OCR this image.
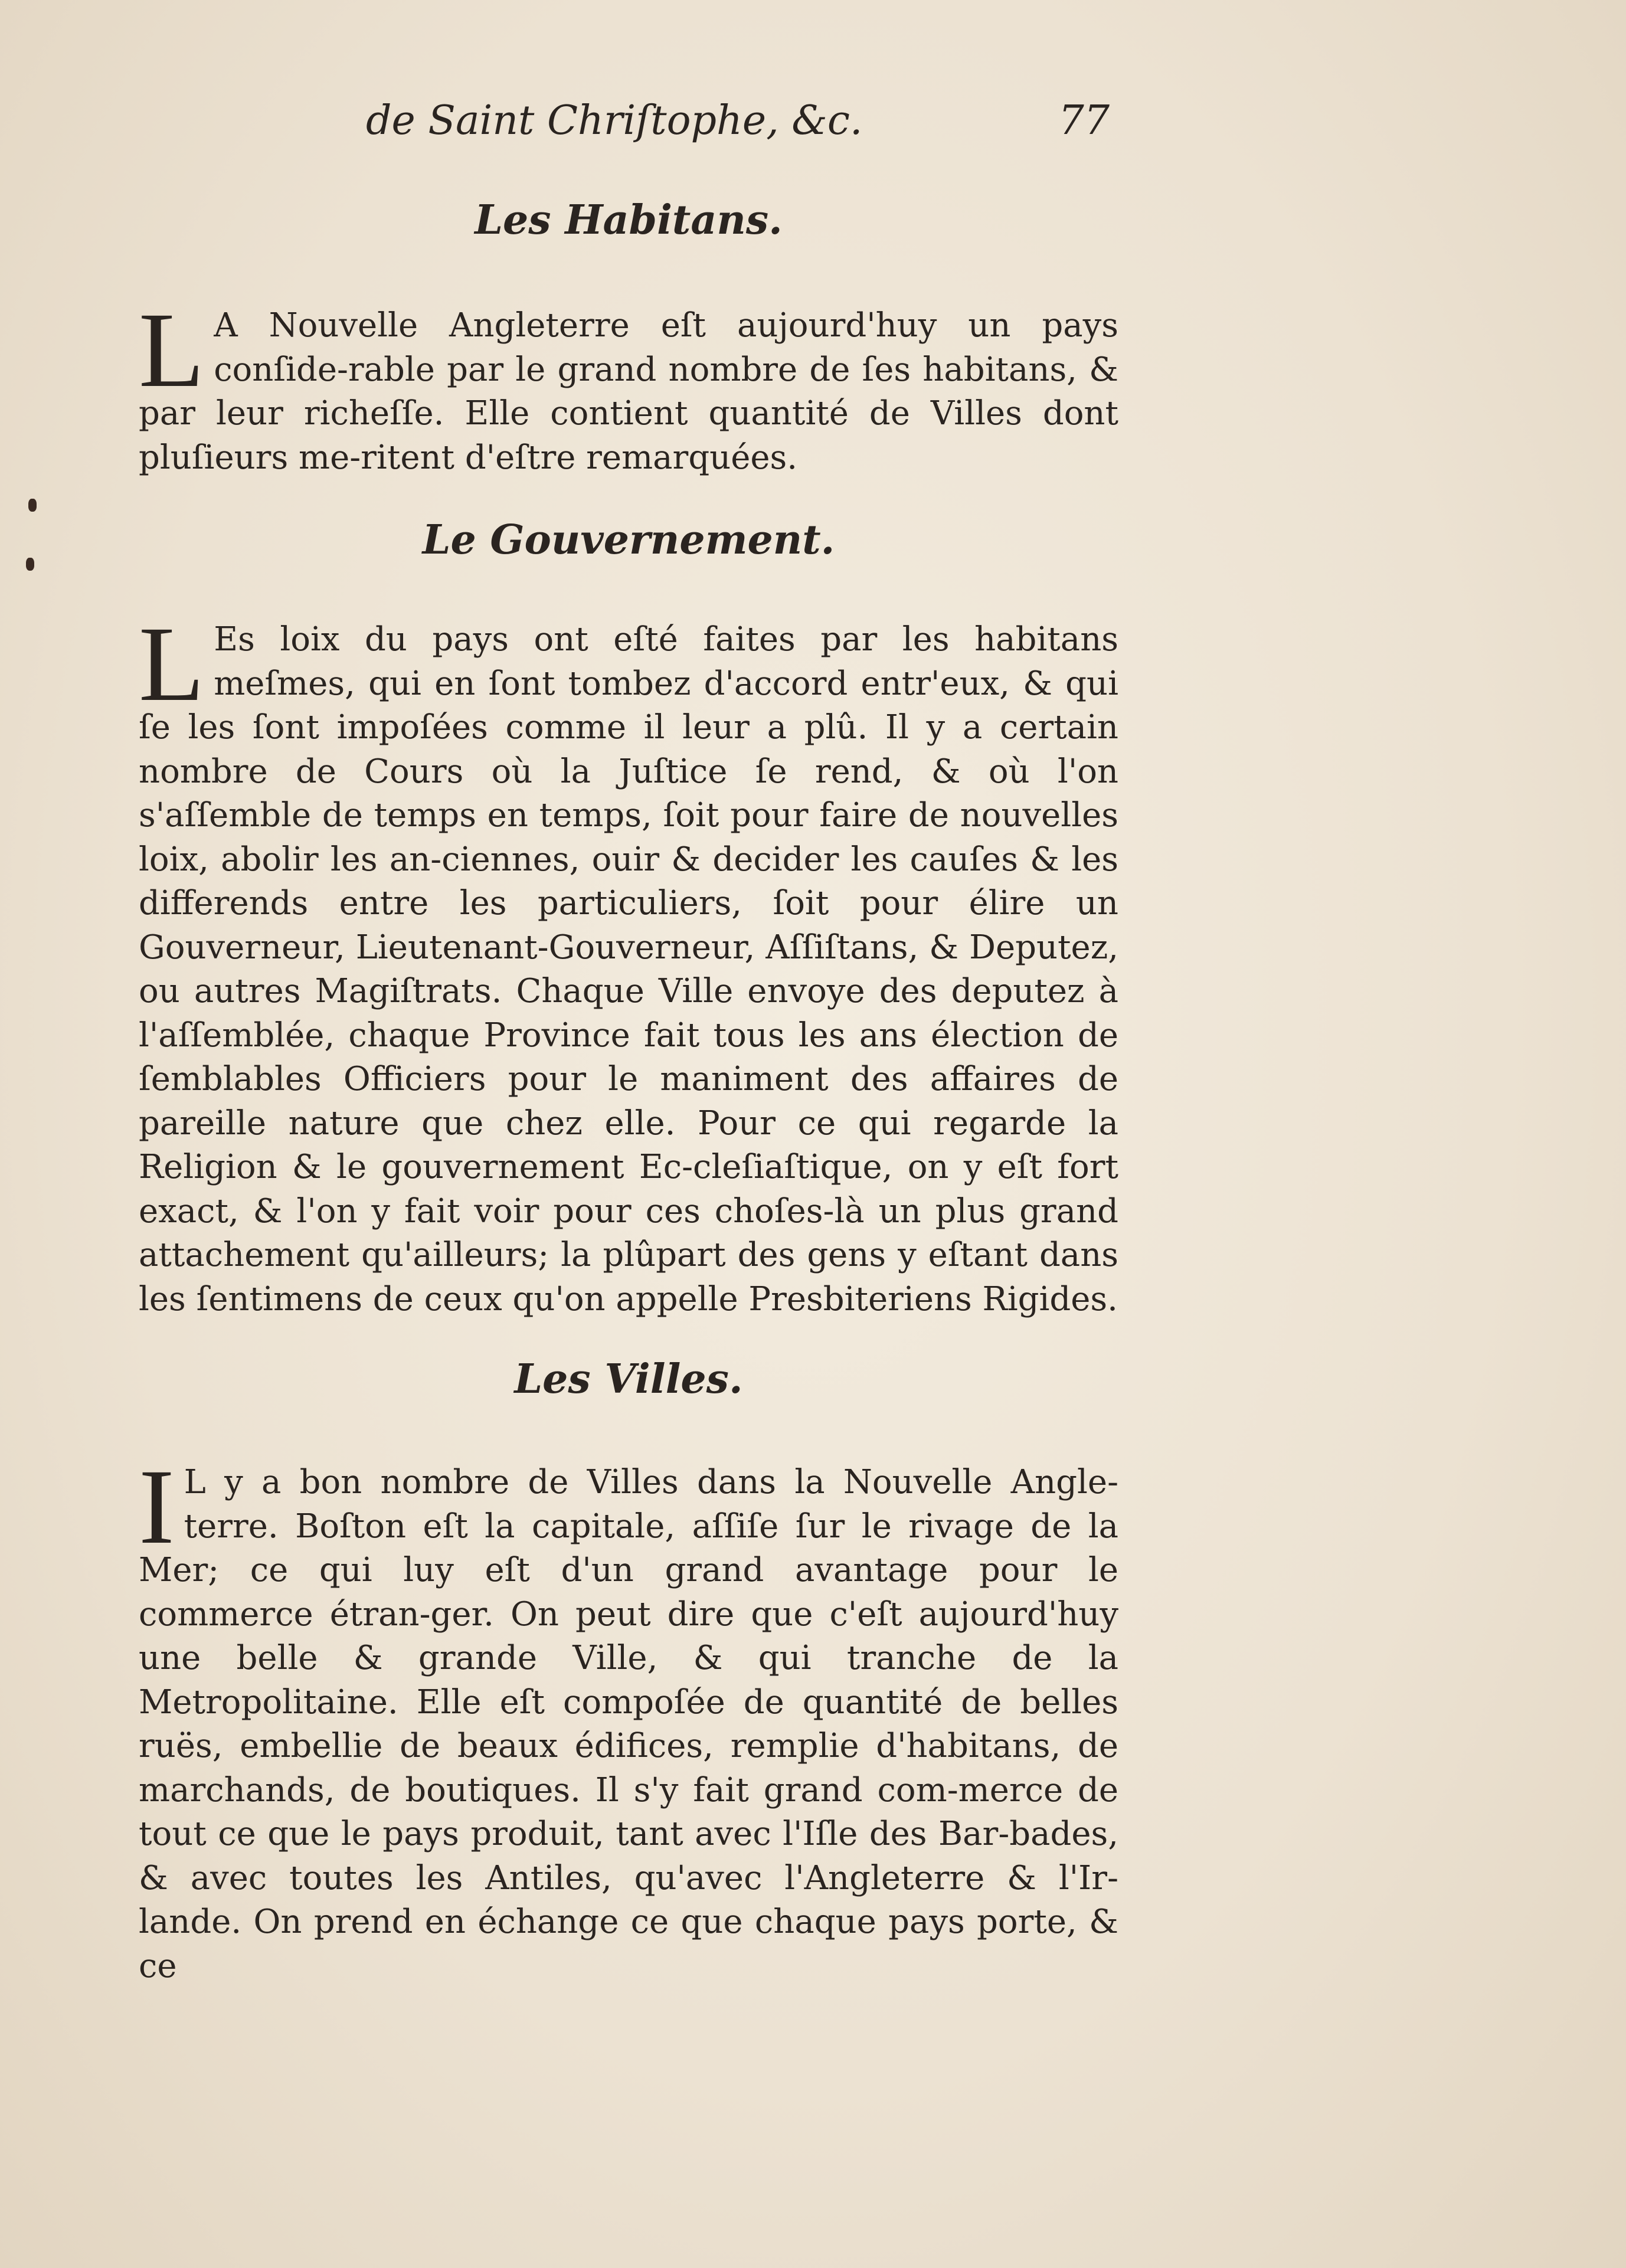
de Saint Chriſtophe, &c.	77
Les Habitans.

L A Nouvelle Angleterre eſt aujourd'huy un pays conſide-rable par le grand nombre de ſes habitans, & par leur richeſſe. Elle contient quantité de Villes dont pluſieurs me-ritent d'eſtre remarquées.

Le Gouvernement.

L Es loix du pays ont eſté faites par les habitans meſmes, qui en ſont tombez d'accord entr'eux, & qui ſe les ſont impoſées comme il leur a plû. Il y a certain nombre de Cours où la Juſtice ſe rend, & où l'on s'aſſemble de temps en temps, ſoit pour faire de nouvelles loix, abolir les an-ciennes, ouir & decider les cauſes & les differends entre les particuliers, ſoit pour élire un Gouverneur, Lieutenant-Gouverneur, Aſſiſtans, & Deputez, ou autres Magiſtrats. Chaque Ville envoye des deputez à l'aſſemblée, chaque Province fait tous les ans élection de ſemblables Officiers pour le maniment des affaires de pareille nature que chez elle. Pour ce qui regarde la Religion & le gouvernement Ec-cleſiaſtique, on y eſt fort exact, & l'on y fait voir pour ces choſes-là un plus grand attachement qu'ailleurs; la plûpart des gens y eſtant dans les ſentimens de ceux qu'on appelle Presbiteriens Rigides.

Les Villes.

I L y a bon nombre de Villes dans la Nouvelle Angle-terre. Boſton eſt la capitale, aſſiſe ſur le rivage de la Mer; ce qui luy eſt d'un grand avantage pour le commerce étran-ger. On peut dire que c'eſt aujourd'huy une belle & grande Ville, & qui tranche de la Metropolitaine. Elle eſt compoſée de quantité de belles ruës, embellie de beaux édifices, remplie d'habitans, de marchands, de boutiques. Il s'y fait grand com-merce de tout ce que le pays produit, tant avec l'Iſle des Bar-bades, & avec toutes les Antiles, qu'avec l'Angleterre & l'Ir-lande. On prend en échange ce que chaque pays porte, & ce
